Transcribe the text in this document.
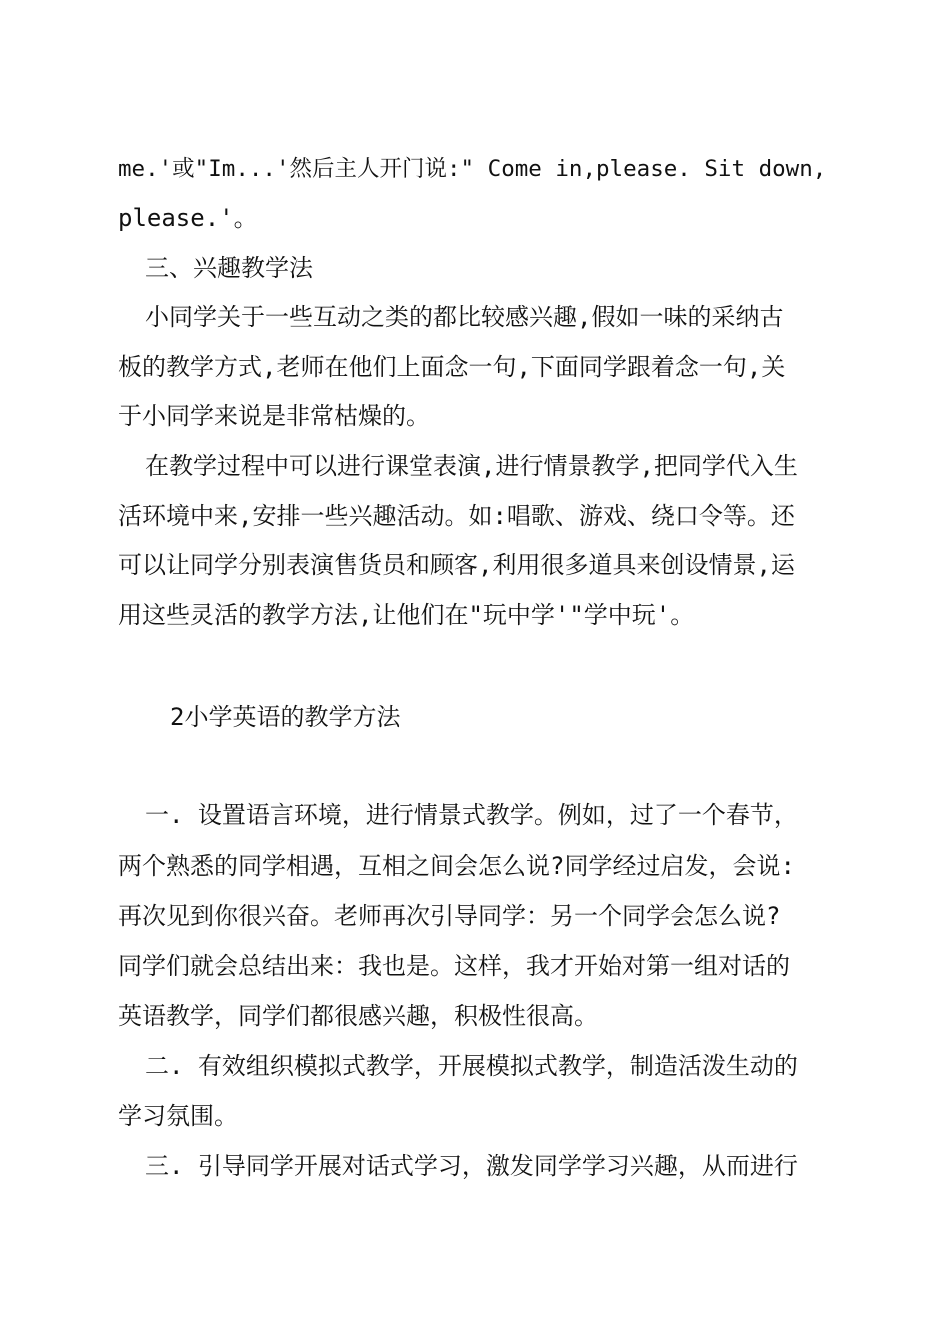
me.'或"Im...'然后主人开门说:" Come in,please. Sit down,
please.'。
三、兴趣教学法
小同学关于一些互动之类的都比较感兴趣,假如一味的采纳古
板的教学方式,老师在他们上面念一句,下面同学跟着念一句,关
于小同学来说是非常枯燥的。
在教学过程中可以进行课堂表演,进行情景教学,把同学代入生
活环境中来,安排一些兴趣活动。如:唱歌、游戏、绕口令等。还
可以让同学分别表演售货员和顾客,利用很多道具来创设情景,运
用这些灵活的教学方法,让他们在"玩中学'"学中玩'。
2小学英语的教学方法
一. 设置语言环境，进行情景式教学。例如，过了一个春节，
两个熟悉的同学相遇，互相之间会怎么说?同学经过启发，会说:
再次见到你很兴奋。老师再次引导同学：另一个同学会怎么说?
同学们就会总结出来：我也是。这样，我才开始对第一组对话的
英语教学，同学们都很感兴趣，积极性很高。
二. 有效组织模拟式教学，开展模拟式教学，制造活泼生动的
学习氛围。
三. 引导同学开展对话式学习，激发同学学习兴趣，从而进行
